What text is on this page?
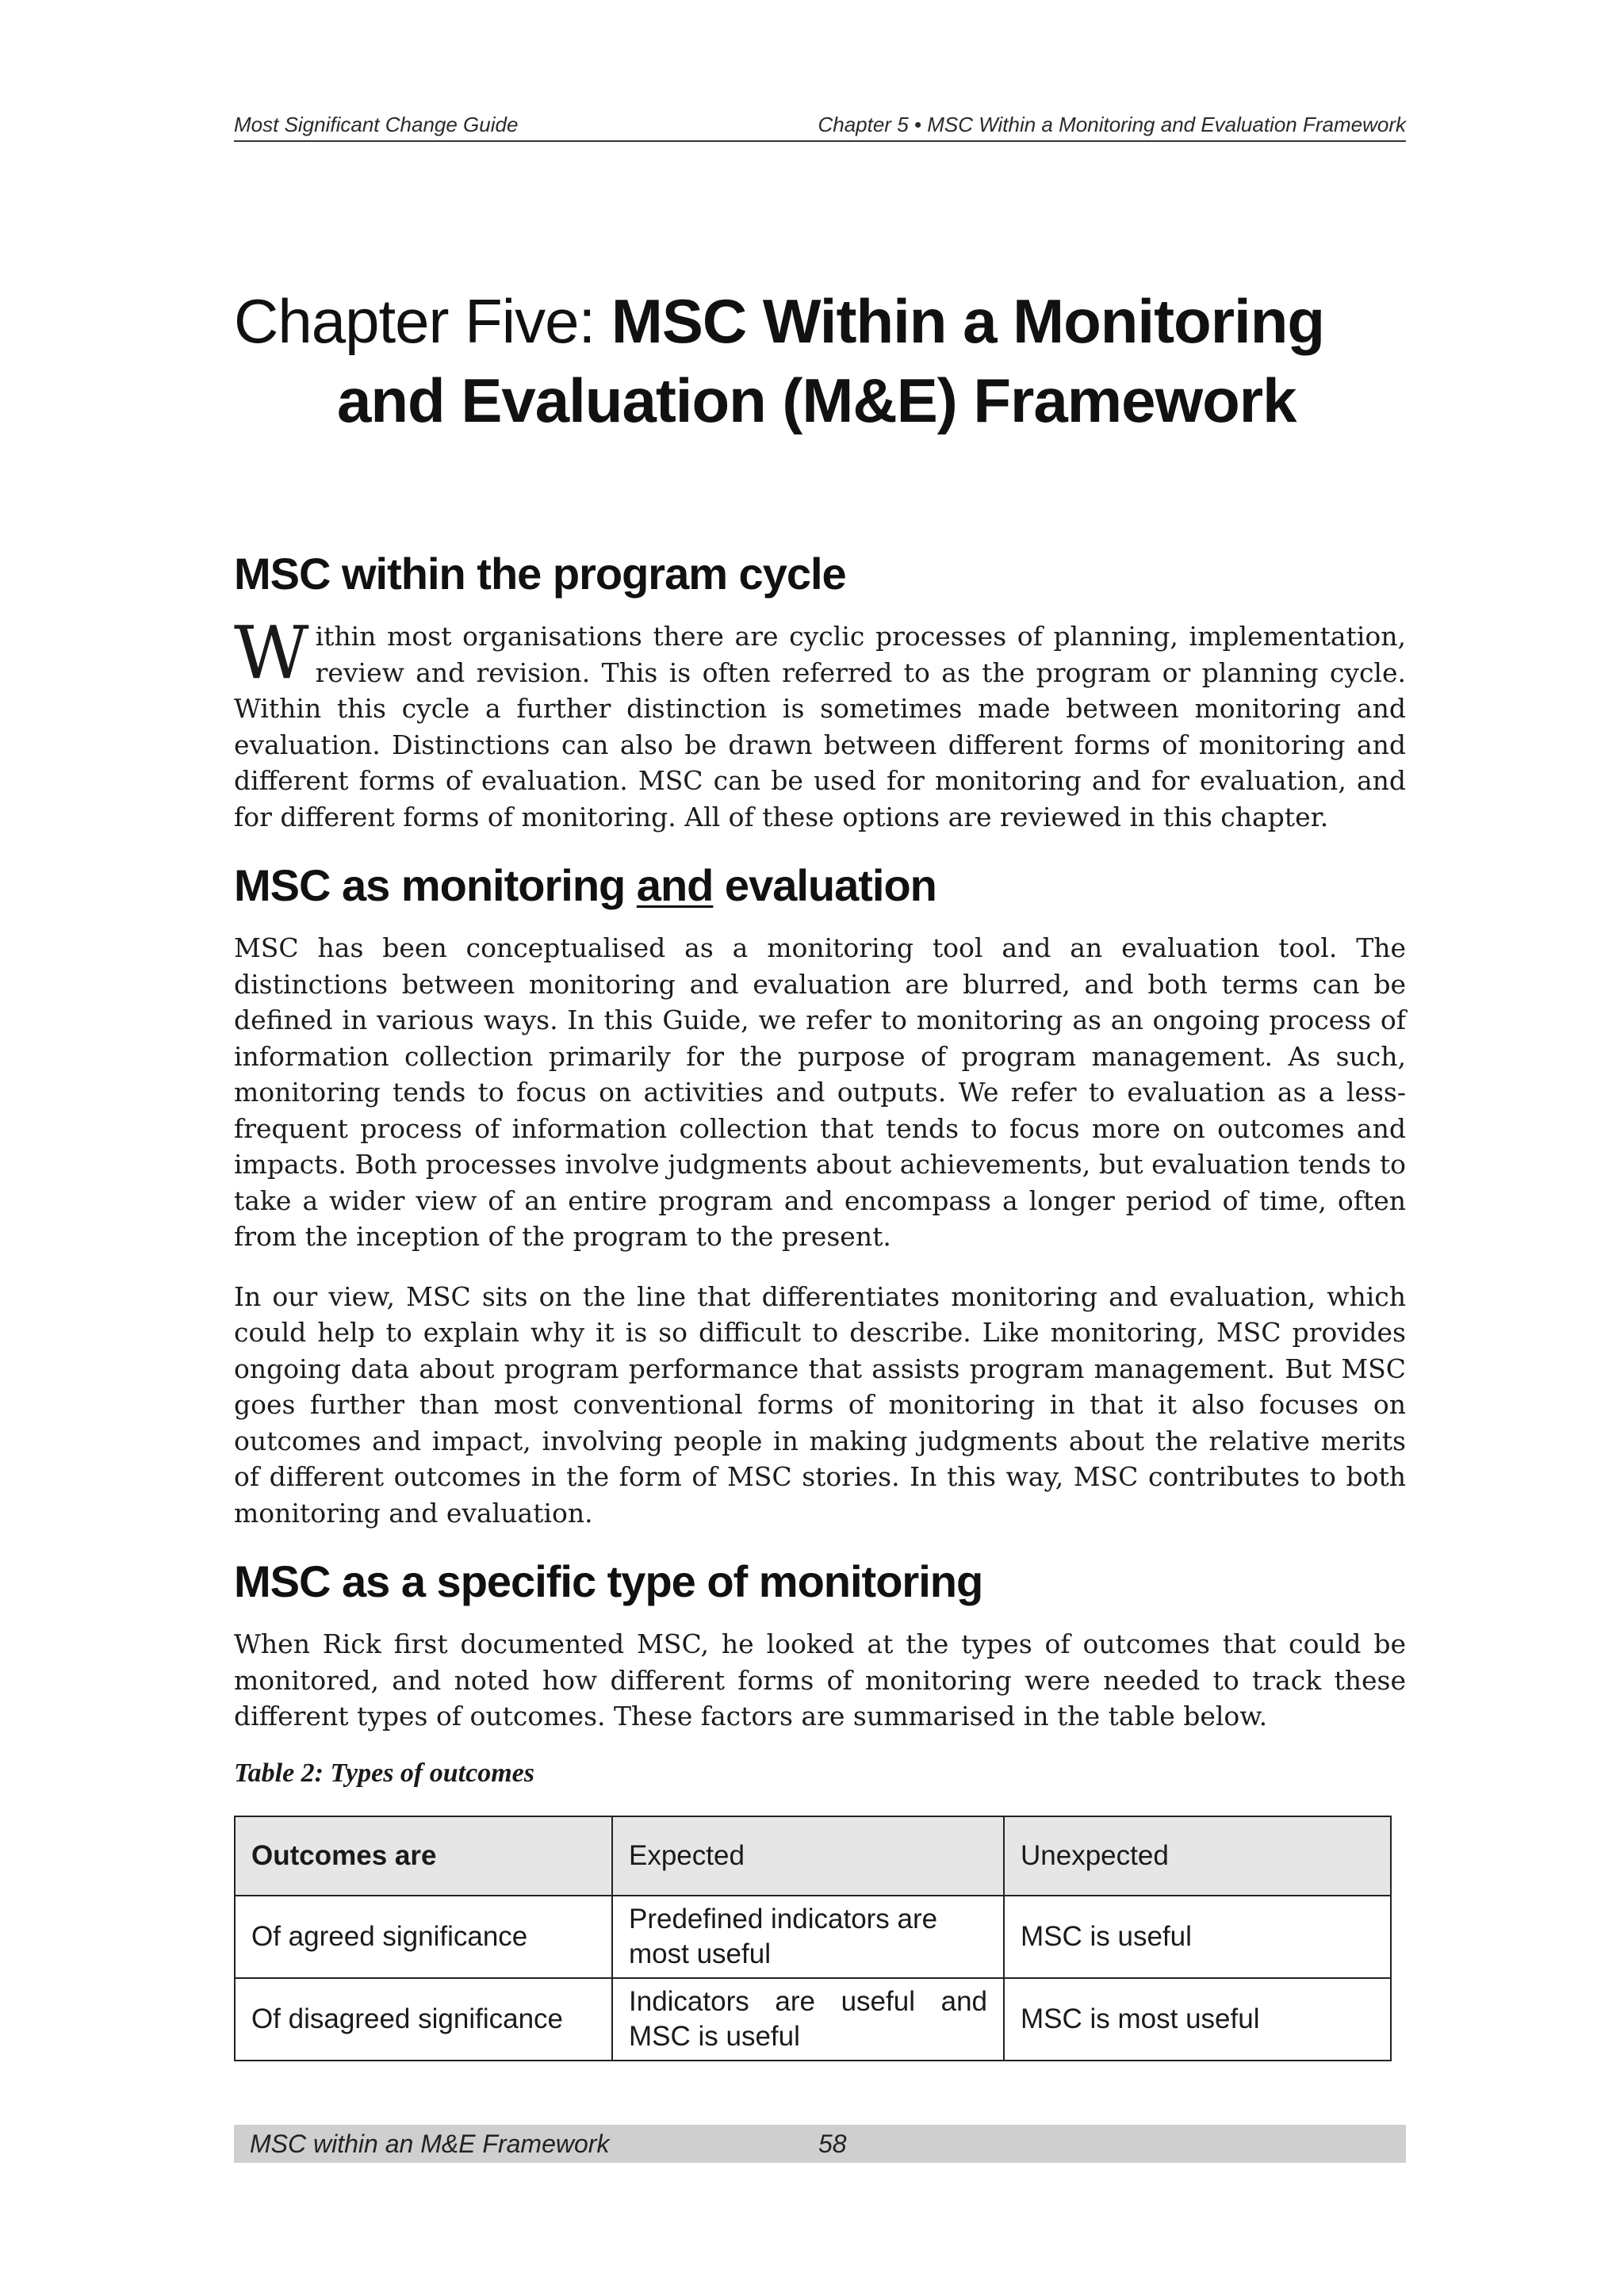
Most Significant Change Guide	Chapter 5 • MSC Within a Monitoring and Evaluation Framework
Chapter Five: MSC Within a Monitoring
and Evaluation (M&E) Framework
MSC within the program cycle

Within most organisations there are cyclic processes of planning, implementation, review and revision. This is often referred to as the program or planning cycle. Within this cycle a further distinction is sometimes made between monitoring and evaluation. Distinctions can also be drawn between different forms of monitoring and different forms of evaluation. MSC can be used for monitoring and for evaluation, and for different forms of monitoring. All of these options are reviewed in this chapter.

MSC as monitoring and evaluation

MSC has been conceptualised as a monitoring tool and an evaluation tool. The distinctions between monitoring and evaluation are blurred, and both terms can be defined in various ways. In this Guide, we refer to monitoring as an ongoing process of information collection primarily for the purpose of program management. As such, monitoring tends to focus on activities and outputs. We refer to evaluation as a less-frequent process of information collection that tends to focus more on outcomes and impacts. Both processes involve judgments about achievements, but evaluation tends to take a wider view of an entire program and encompass a longer period of time, often from the inception of the program to the present.

In our view, MSC sits on the line that differentiates monitoring and evaluation, which could help to explain why it is so difficult to describe. Like monitoring, MSC provides ongoing data about program performance that assists program management. But MSC goes further than most conventional forms of monitoring in that it also focuses on outcomes and impact, involving people in making judgments about the relative merits of different outcomes in the form of MSC stories. In this way, MSC contributes to both monitoring and evaluation.

MSC as a specific type of monitoring

When Rick first documented MSC, he looked at the types of outcomes that could be monitored, and noted how different forms of monitoring were needed to track these different types of outcomes. These factors are summarised in the table below.

Table 2: Types of outcomes
Outcomes are	Expected	Unexpected
Of agreed significance	Predefined indicators are most useful	MSC is useful
Of disagreed significance	Indicators are useful and MSC is useful	MSC is most useful
MSC within an M&E Framework	58
